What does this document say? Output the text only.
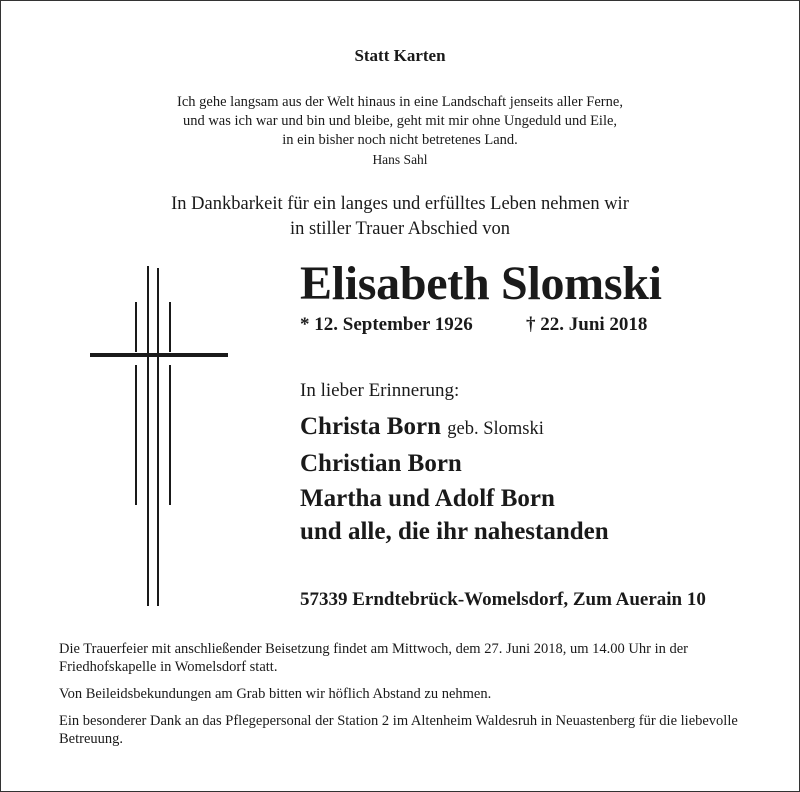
Statt Karten
Ich gehe langsam aus der Welt hinaus in eine Landschaft jenseits aller Ferne,
und was ich war und bin und bleibe, geht mit mir ohne Ungeduld und Eile,
in ein bisher noch nicht betretenes Land.
Hans Sahl
In Dankbarkeit für ein langes und erfülltes Leben nehmen wir
in stiller Trauer Abschied von
Elisabeth Slomski
* 12. September 1926	† 22. Juni 2018
In lieber Erinnerung:
Christa Born geb. Slomski
Christian Born
Martha und Adolf Born
und alle, die ihr nahestanden
57339 Erndtebrück-Womelsdorf, Zum Auerain 10
Die Trauerfeier mit anschließender Beisetzung findet am Mittwoch, dem 27. Juni 2018, um 14.00 Uhr in der Friedhofskapelle in Womelsdorf statt.
Von Beileidsbekundungen am Grab bitten wir höflich Abstand zu nehmen.
Ein besonderer Dank an das Pflegepersonal der Station 2 im Altenheim Waldesruh in Neuastenberg für die liebevolle Betreuung.
